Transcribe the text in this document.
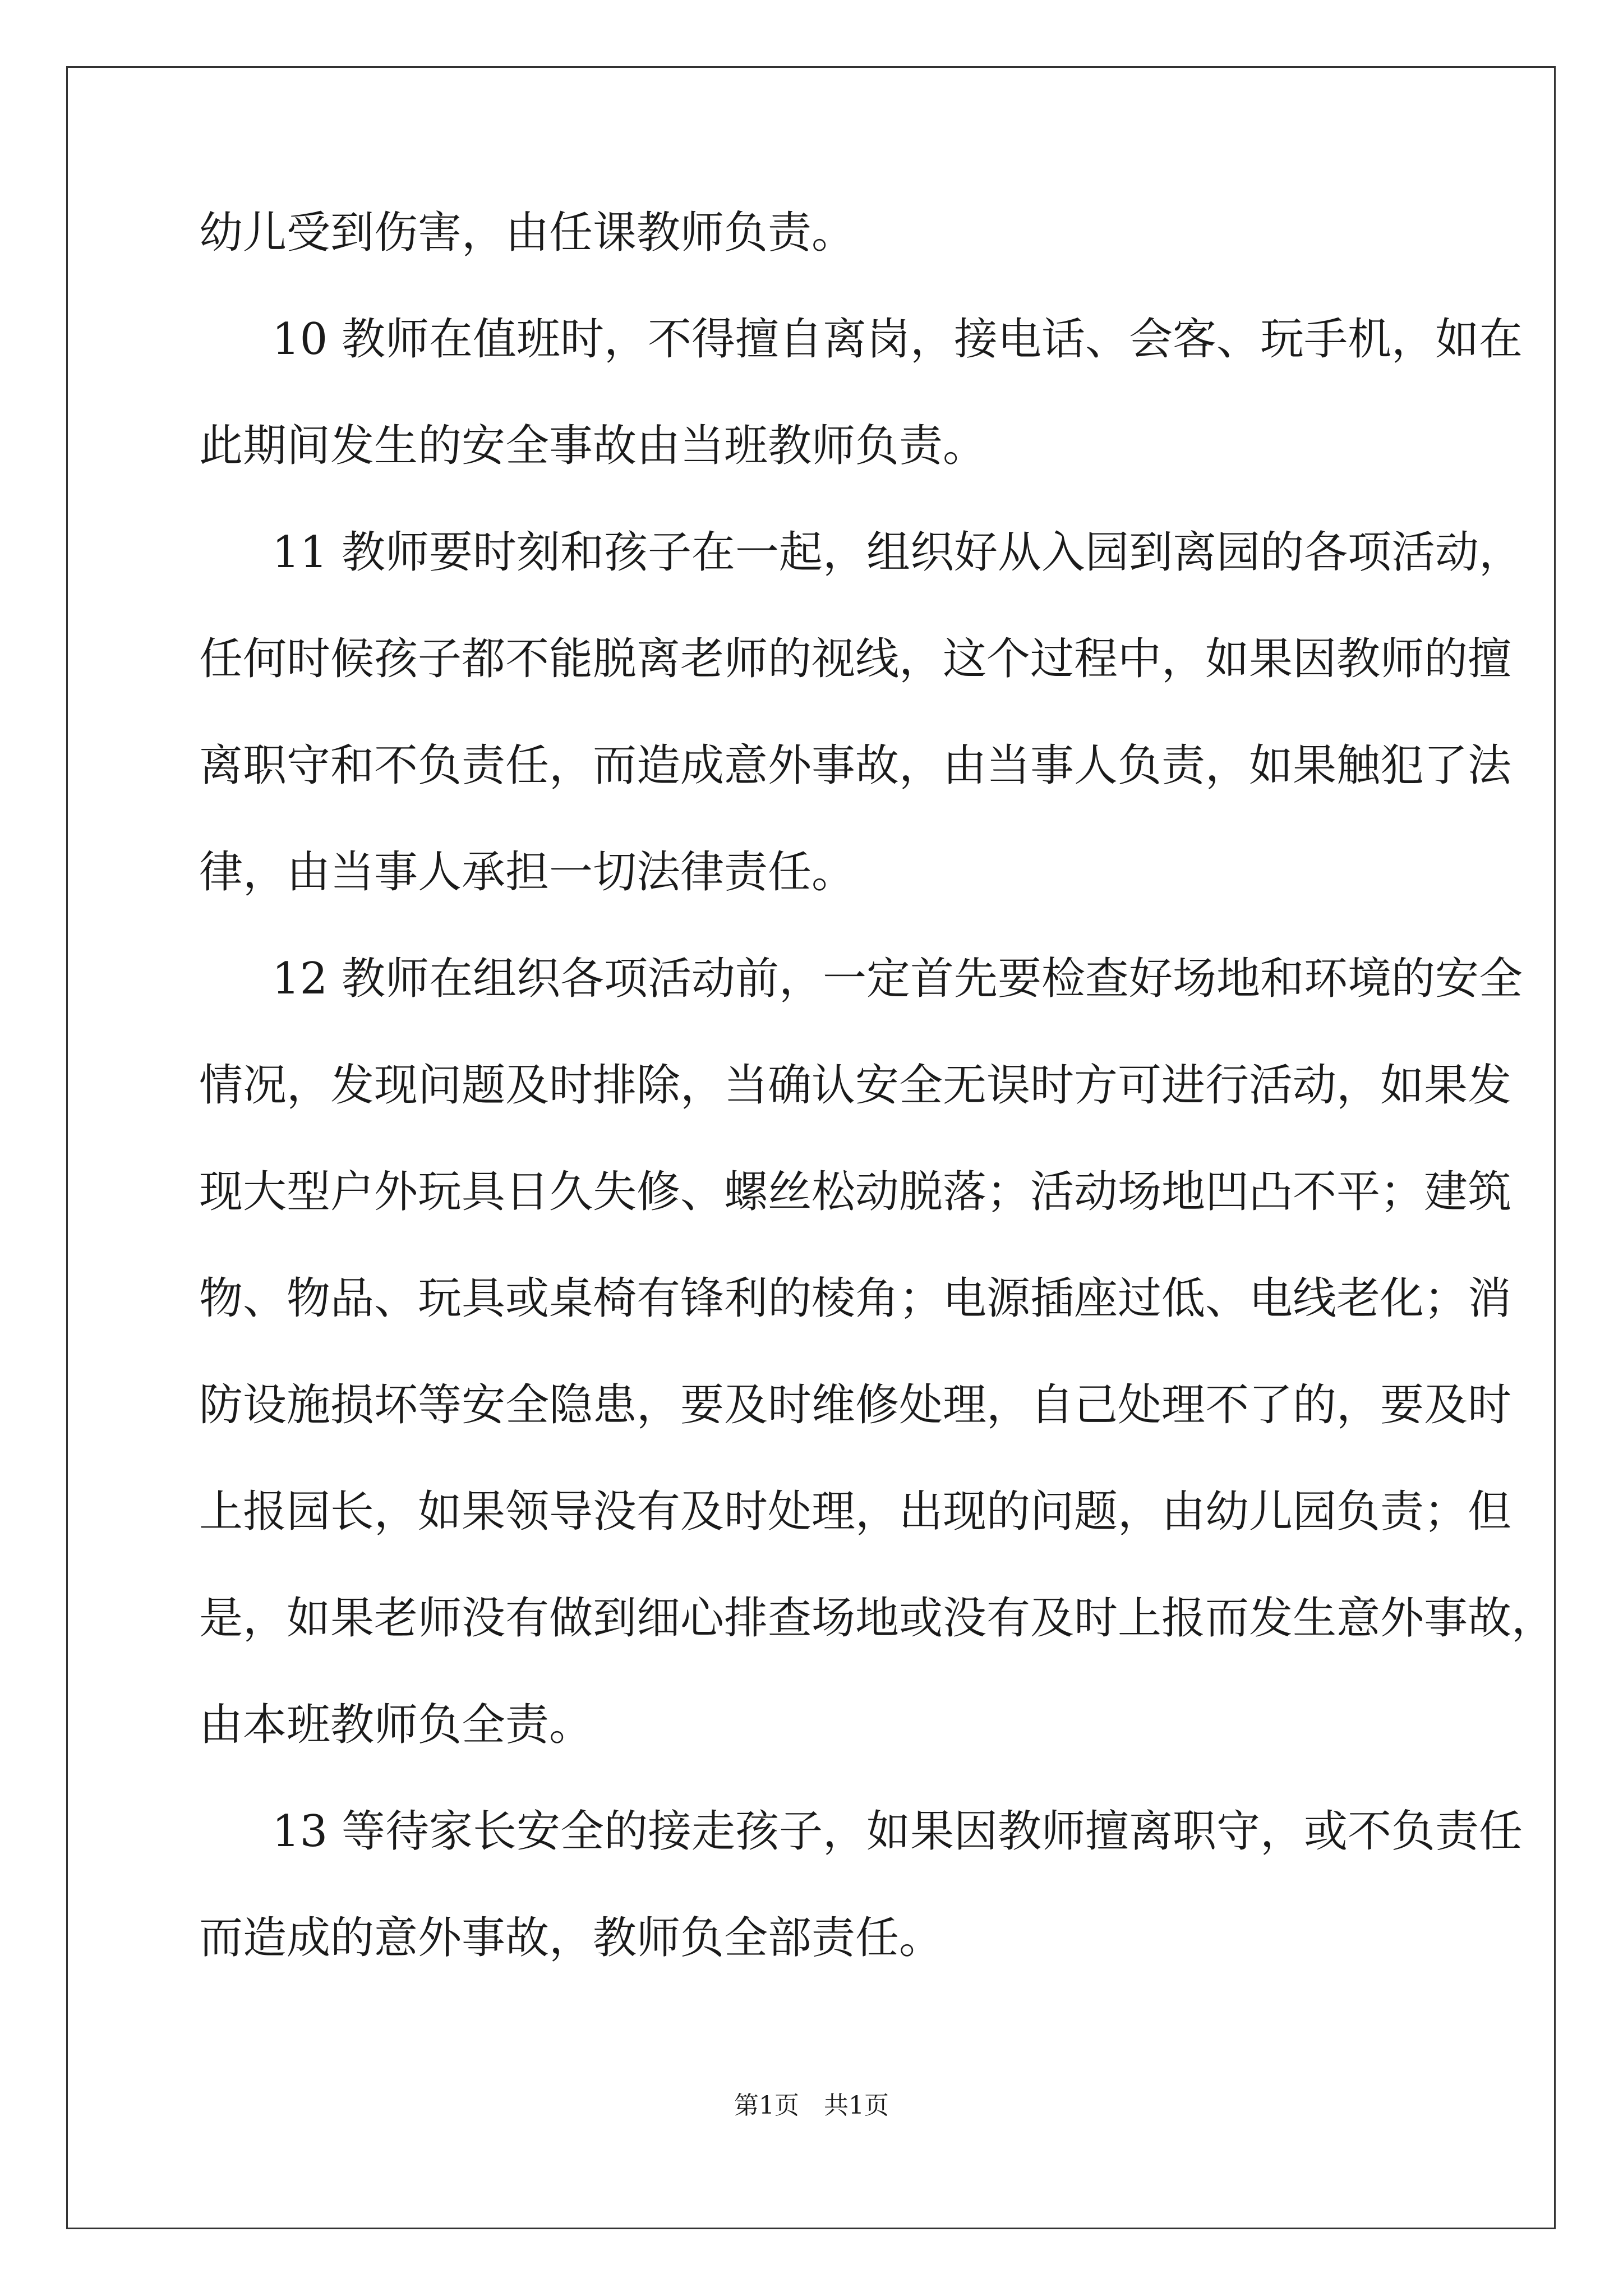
幼儿受到伤害，由任课教师负责。
10 教师在值班时，不得擅自离岗，接电话、会客、玩手机，如在
此期间发生的安全事故由当班教师负责。
11 教师要时刻和孩子在一起，组织好从入园到离园的各项活动，
任何时候孩子都不能脱离老师的视线，这个过程中，如果因教师的擅
离职守和不负责任，而造成意外事故，由当事人负责，如果触犯了法
律，由当事人承担一切法律责任。
12 教师在组织各项活动前，一定首先要检查好场地和环境的安全
情况，发现问题及时排除，当确认安全无误时方可进行活动，如果发
现大型户外玩具日久失修、螺丝松动脱落；活动场地凹凸不平；建筑
物、物品、玩具或桌椅有锋利的棱角；电源插座过低、电线老化；消
防设施损坏等安全隐患，要及时维修处理，自己处理不了的，要及时
上报园长，如果领导没有及时处理，出现的问题，由幼儿园负责；但
是，如果老师没有做到细心排查场地或没有及时上报而发生意外事故，
由本班教师负全责。
13 等待家长安全的接走孩子，如果因教师擅离职守，或不负责任
而造成的意外事故，教师负全部责任。
第1页　共1页
